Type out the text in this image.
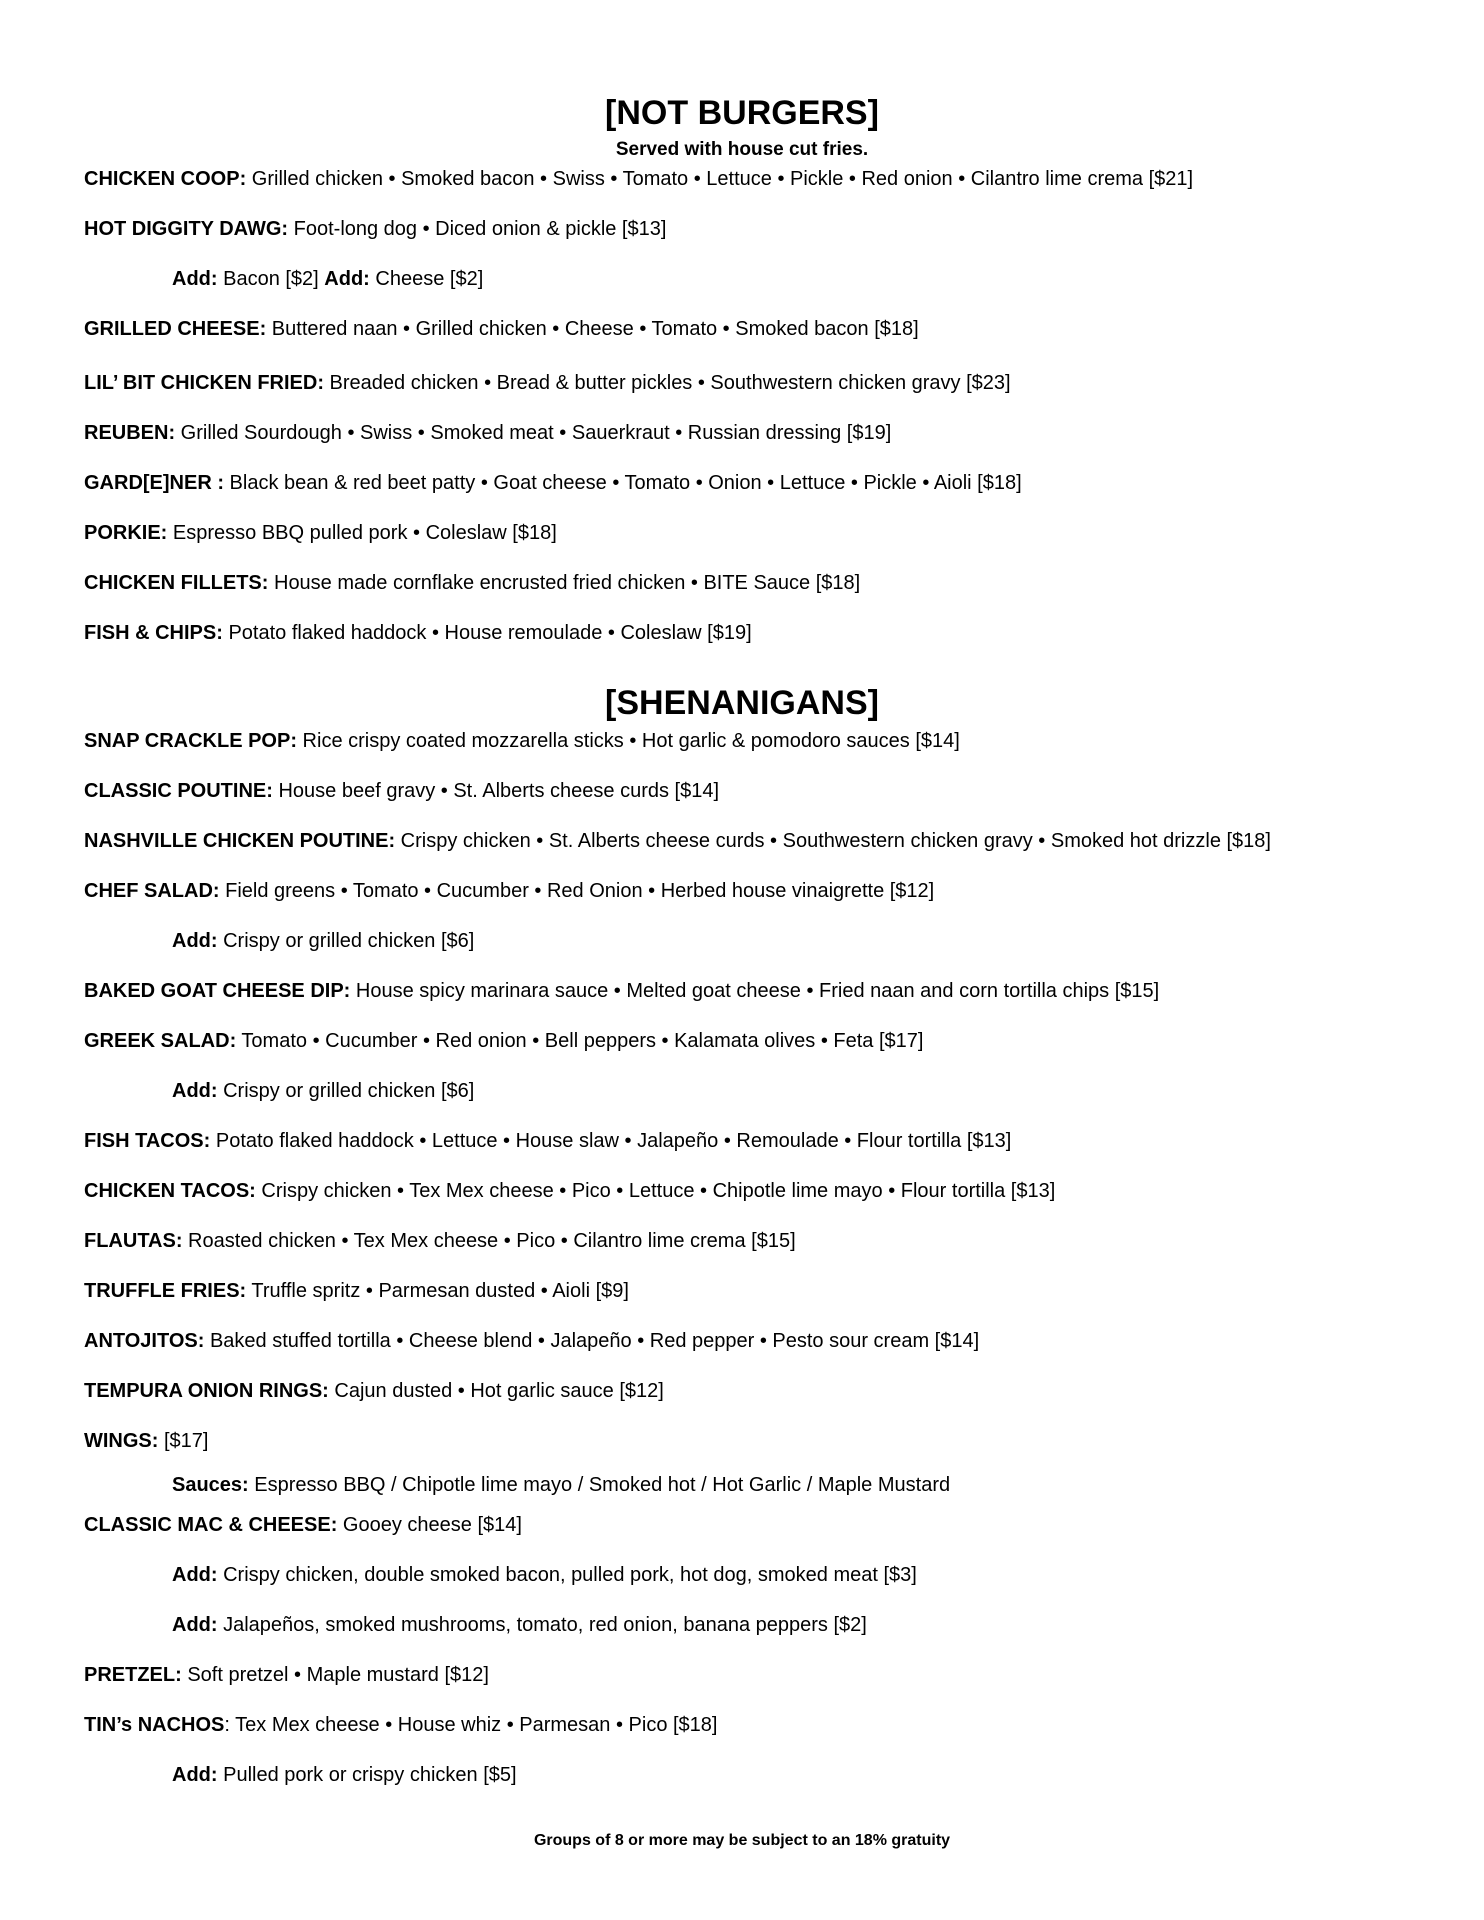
[NOT BURGERS]
Served with house cut fries.
CHICKEN COOP: Grilled chicken • Smoked bacon • Swiss • Tomato • Lettuce • Pickle • Red onion • Cilantro lime crema [$21]
HOT DIGGITY DAWG: Foot-long dog • Diced onion & pickle [$13]
Add: Bacon [$2] Add: Cheese [$2]
GRILLED CHEESE: Buttered naan • Grilled chicken • Cheese • Tomato • Smoked bacon [$18]
LIL’ BIT CHICKEN FRIED: Breaded chicken • Bread & butter pickles • Southwestern chicken gravy [$23]
REUBEN: Grilled Sourdough • Swiss • Smoked meat • Sauerkraut • Russian dressing [$19]
GARD[E]NER : Black bean & red beet patty • Goat cheese • Tomato • Onion • Lettuce • Pickle • Aioli [$18]
PORKIE: Espresso BBQ pulled pork • Coleslaw [$18]
CHICKEN FILLETS: House made cornflake encrusted fried chicken • BITE Sauce [$18]
FISH & CHIPS: Potato flaked haddock • House remoulade • Coleslaw [$19]
[SHENANIGANS]
SNAP CRACKLE POP: Rice crispy coated mozzarella sticks • Hot garlic & pomodoro sauces [$14]
CLASSIC POUTINE: House beef gravy • St. Alberts cheese curds [$14]
NASHVILLE CHICKEN POUTINE: Crispy chicken • St. Alberts cheese curds • Southwestern chicken gravy • Smoked hot drizzle [$18]
CHEF SALAD: Field greens • Tomato • Cucumber • Red Onion • Herbed house vinaigrette [$12]
Add: Crispy or grilled chicken [$6]
BAKED GOAT CHEESE DIP: House spicy marinara sauce • Melted goat cheese • Fried naan and corn tortilla chips [$15]
GREEK SALAD: Tomato • Cucumber • Red onion • Bell peppers • Kalamata olives • Feta [$17]
Add: Crispy or grilled chicken [$6]
FISH TACOS: Potato flaked haddock • Lettuce • House slaw • Jalapeño • Remoulade • Flour tortilla [$13]
CHICKEN TACOS: Crispy chicken • Tex Mex cheese • Pico • Lettuce • Chipotle lime mayo • Flour tortilla [$13]
FLAUTAS: Roasted chicken • Tex Mex cheese • Pico • Cilantro lime crema [$15]
TRUFFLE FRIES: Truffle spritz • Parmesan dusted • Aioli [$9]
ANTOJITOS: Baked stuffed tortilla • Cheese blend • Jalapeño • Red pepper • Pesto sour cream [$14]
TEMPURA ONION RINGS: Cajun dusted • Hot garlic sauce [$12]
WINGS: [$17]
Sauces: Espresso BBQ / Chipotle lime mayo / Smoked hot / Hot Garlic / Maple Mustard
CLASSIC MAC & CHEESE: Gooey cheese [$14]
Add: Crispy chicken, double smoked bacon, pulled pork, hot dog, smoked meat [$3]
Add: Jalapeños, smoked mushrooms, tomato, red onion, banana peppers [$2]
PRETZEL: Soft pretzel • Maple mustard [$12]
TIN’s NACHOS: Tex Mex cheese • House whiz • Parmesan • Pico [$18]
Add: Pulled pork or crispy chicken [$5]
Groups of 8 or more may be subject to an 18% gratuity
